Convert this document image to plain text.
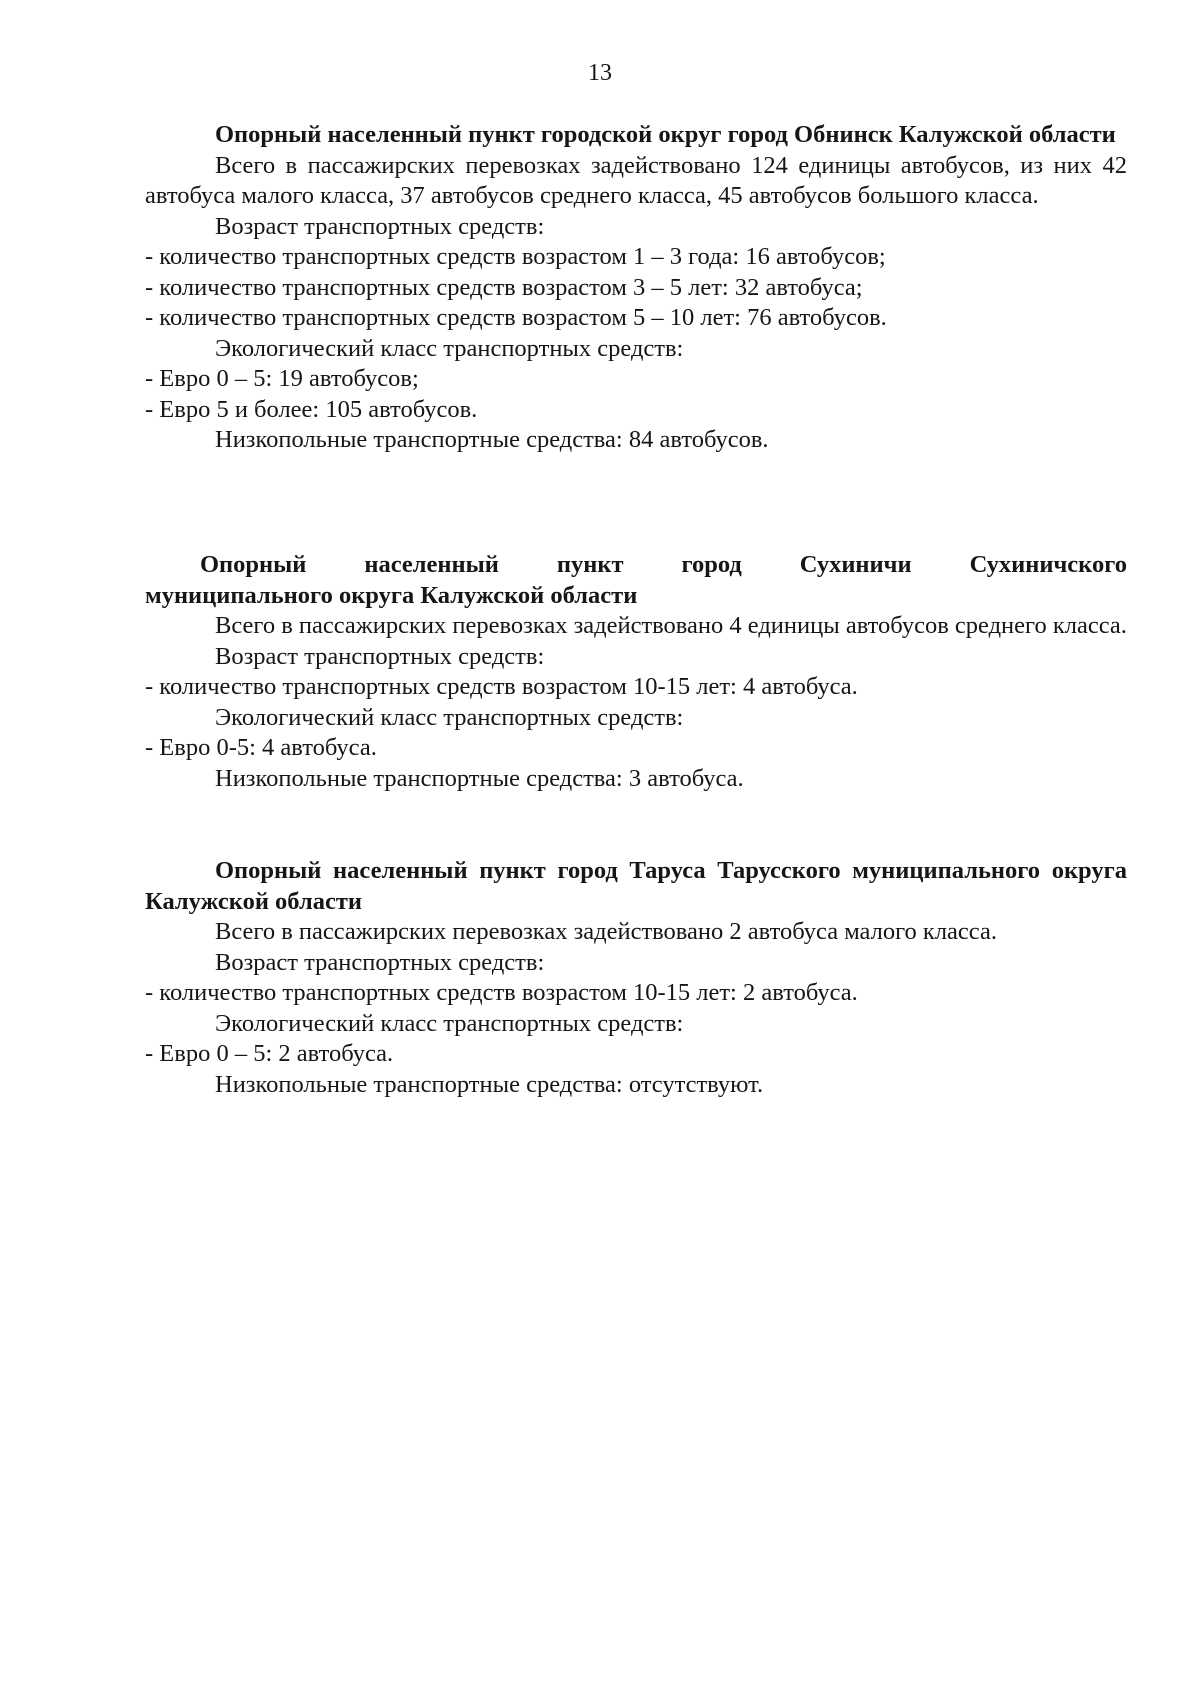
13

Опорный населенный пункт городской округ город Обнинск Калужской области

Всего в пассажирских перевозках задействовано 124 единицы автобусов, из них 42 автобуса малого класса, 37 автобусов среднего класса, 45 автобусов большого класса.

Возраст транспортных средств:

- количество транспортных средств возрастом 1 – 3 года: 16 автобусов;

- количество транспортных средств возрастом 3 – 5 лет: 32 автобуса;

- количество транспортных средств возрастом 5 – 10 лет: 76 автобусов.

Экологический класс транспортных средств:

- Евро 0 – 5: 19 автобусов;

- Евро 5 и более: 105 автобусов.

Низкопольные транспортные средства: 84 автобусов.

Опорный населенный пункт город Сухиничи Сухиничского

муниципального округа Калужской области

Всего в пассажирских перевозках задействовано 4 единицы автобусов среднего класса.

Возраст транспортных средств:

- количество транспортных средств возрастом 10-15 лет: 4 автобуса.

Экологический класс транспортных средств:

- Евро 0-5: 4 автобуса.

Низкопольные транспортные средства: 3 автобуса.

Опорный населенный пункт город Таруса Тарусского муниципального округа Калужской области

Всего в пассажирских перевозках задействовано 2 автобуса малого класса.

Возраст транспортных средств:

- количество транспортных средств возрастом 10-15 лет: 2 автобуса.

Экологический класс транспортных средств:

- Евро 0 – 5: 2 автобуса.

Низкопольные транспортные средства: отсутствуют.
